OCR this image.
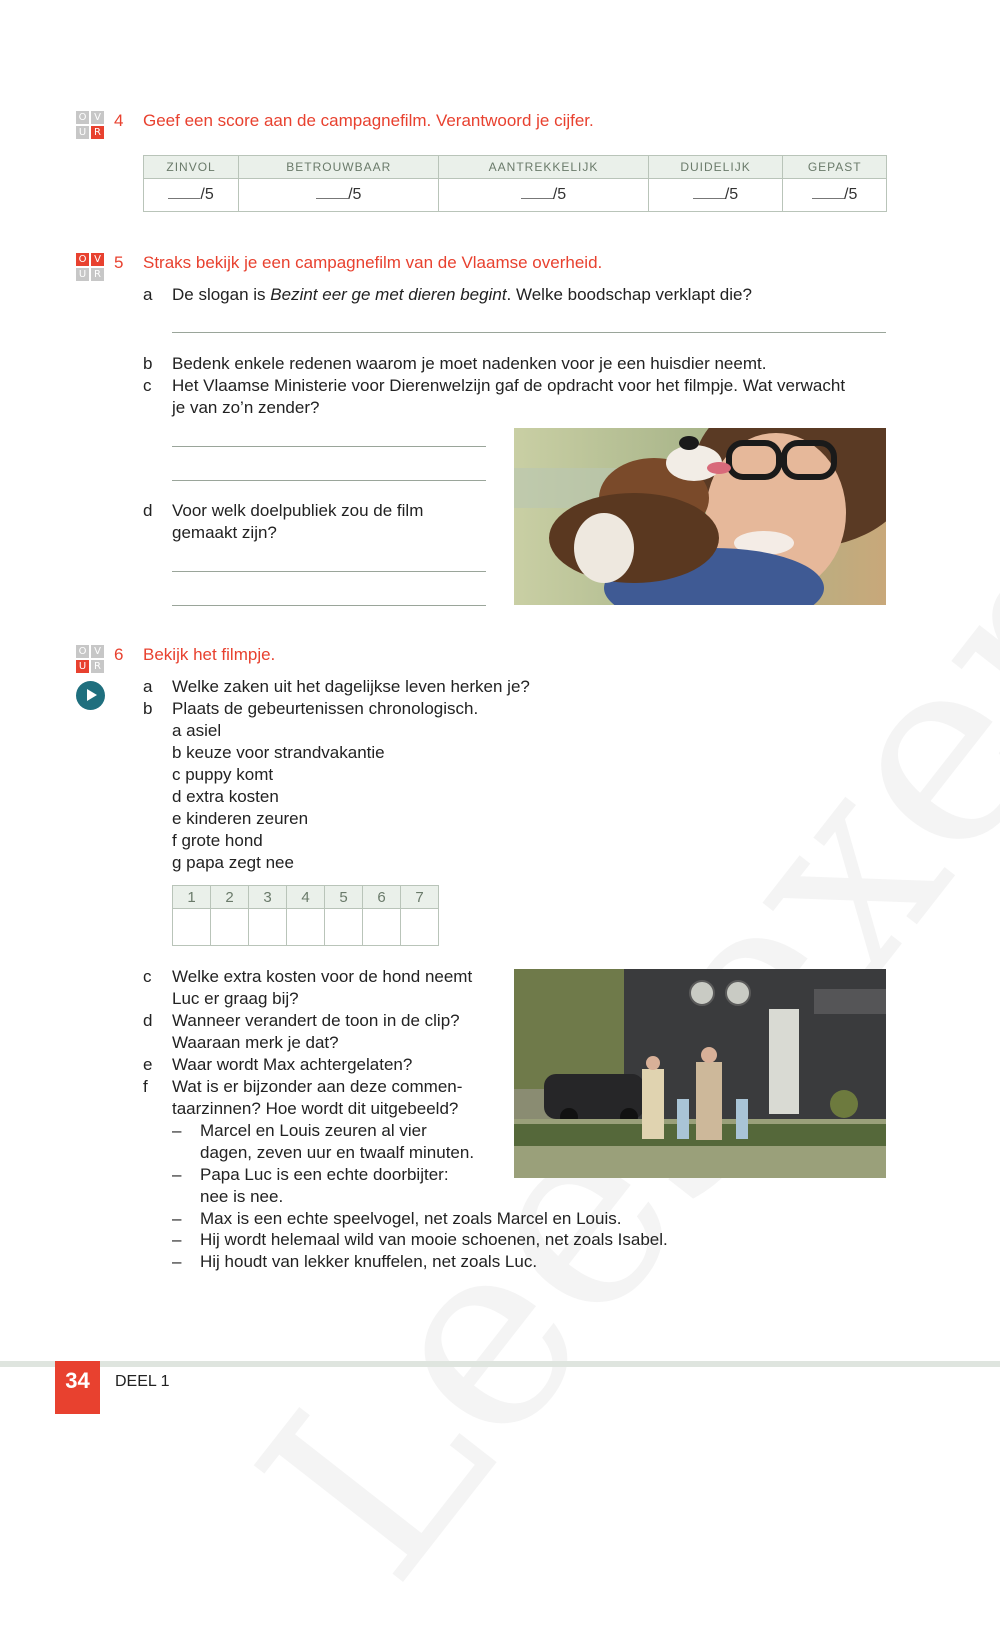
O V
U R
4 Geef een score aan de campagnefilm. Verantwoord je cijfer.
ZINVOL	BETROUWBAAR	AANTREKKELIJK	DUIDELIJK	GEPAST
/5	/5	/5	/5	/5
O V
U R
5 Straks bekijk je een campagnefilm van de Vlaamse overheid.
a De slogan is Bezint eer ge met dieren begint. Welke boodschap verklapt die?
b Bedenk enkele redenen waarom je moet nadenken voor je een huisdier neemt.
c Het Vlaamse Ministerie voor Dierenwelzijn gaf de opdracht voor het filmpje. Wat verwacht
je van zo’n zender?
d Voor welk doelpubliek zou de film
gemaakt zijn?
O V
U R
6 Bekijk het filmpje.
a Welke zaken uit het dagelijkse leven herken je?
b Plaats de gebeurtenissen chronologisch.
a asiel
b keuze voor strandvakantie
c puppy komt
d extra kosten
e kinderen zeuren
f grote hond
g papa zegt nee
1	2	3	4	5	6	7

c Welke extra kosten voor de hond neemt
Luc er graag bij?
d Wanneer verandert de toon in de clip?
Waaraan merk je dat?
e Waar wordt Max achtergelaten?
f Wat is er bijzonder aan deze commen-
taarzinnen? Hoe wordt dit uitgebeeld?
– Marcel en Louis zeuren al vier
dagen, zeven uur en twaalf minuten.
– Papa Luc is een echte doorbijter:
nee is nee.
– Max is een echte speelvogel, net zoals Marcel en Louis.
– Hij wordt helemaal wild van mooie schoenen, net zoals Isabel.
– Hij houdt van lekker knuffelen, net zoals Luc.
34	DEEL 1
